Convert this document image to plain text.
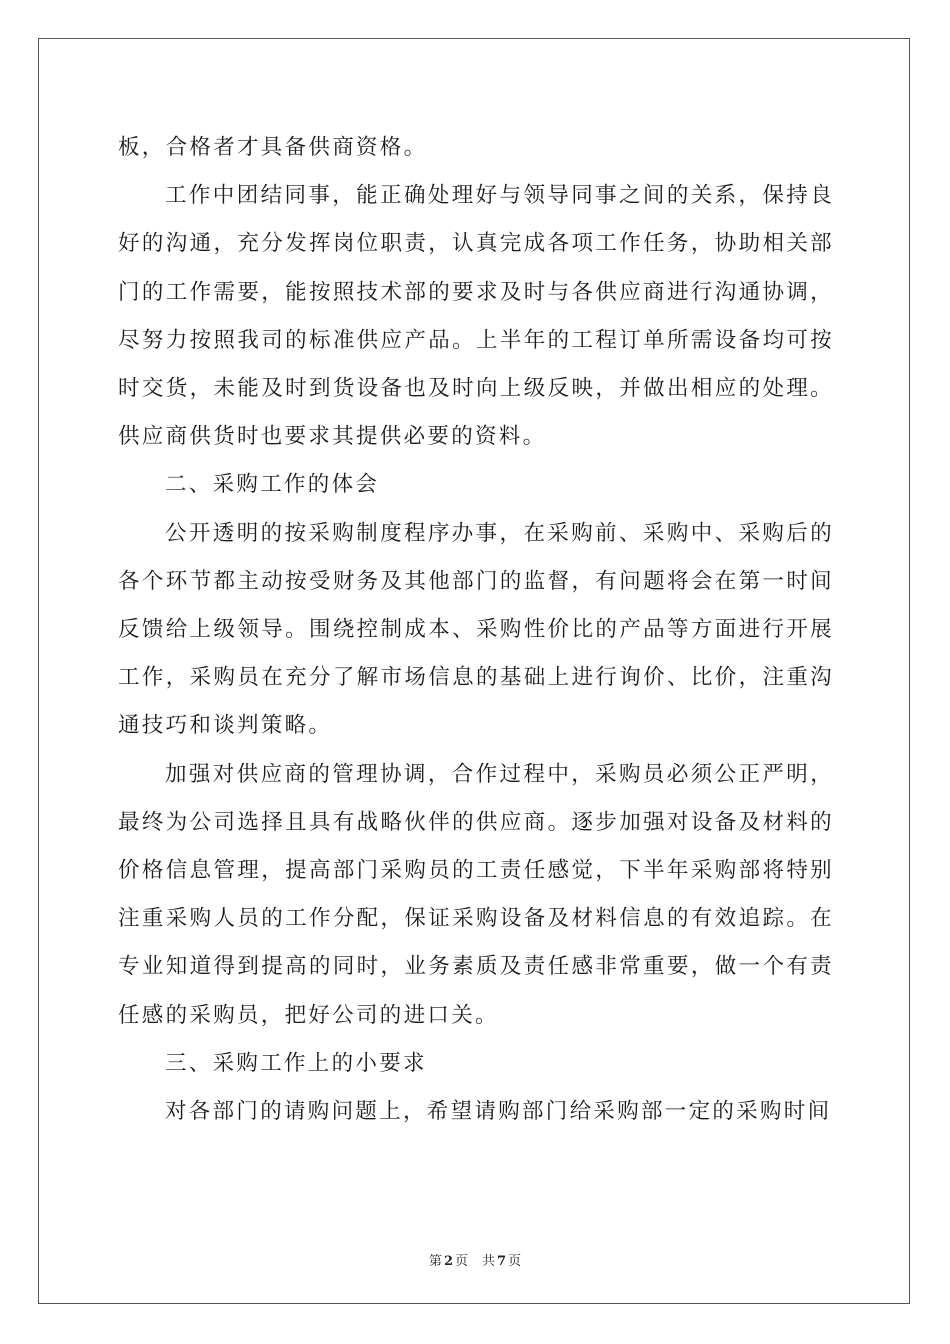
板，合格者才具备供商资格。

工作中团结同事，能正确处理好与领导同事之间的关系，保持良好的沟通，充分发挥岗位职责，认真完成各项工作任务，协助相关部门的工作需要，能按照技术部的要求及时与各供应商进行沟通协调，尽努力按照我司的标准供应产品。上半年的工程订单所需设备均可按时交货，未能及时到货设备也及时向上级反映，并做出相应的处理。供应商供货时也要求其提供必要的资料。

二、采购工作的体会

公开透明的按采购制度程序办事，在采购前、采购中、采购后的各个环节都主动按受财务及其他部门的监督，有问题将会在第一时间反馈给上级领导。围绕控制成本、采购性价比的产品等方面进行开展工作，采购员在充分了解市场信息的基础上进行询价、比价，注重沟通技巧和谈判策略。

加强对供应商的管理协调，合作过程中，采购员必须公正严明，最终为公司选择且具有战略伙伴的供应商。逐步加强对设备及材料的价格信息管理，提高部门采购员的工责任感觉，下半年采购部将特别注重采购人员的工作分配，保证采购设备及材料信息的有效追踪。在专业知道得到提高的同时，业务素质及责任感非常重要，做一个有责任感的采购员，把好公司的进口关。

三、采购工作上的小要求

对各部门的请购问题上，希望请购部门给采购部一定的采购时间

第 2 页 共 7 页
